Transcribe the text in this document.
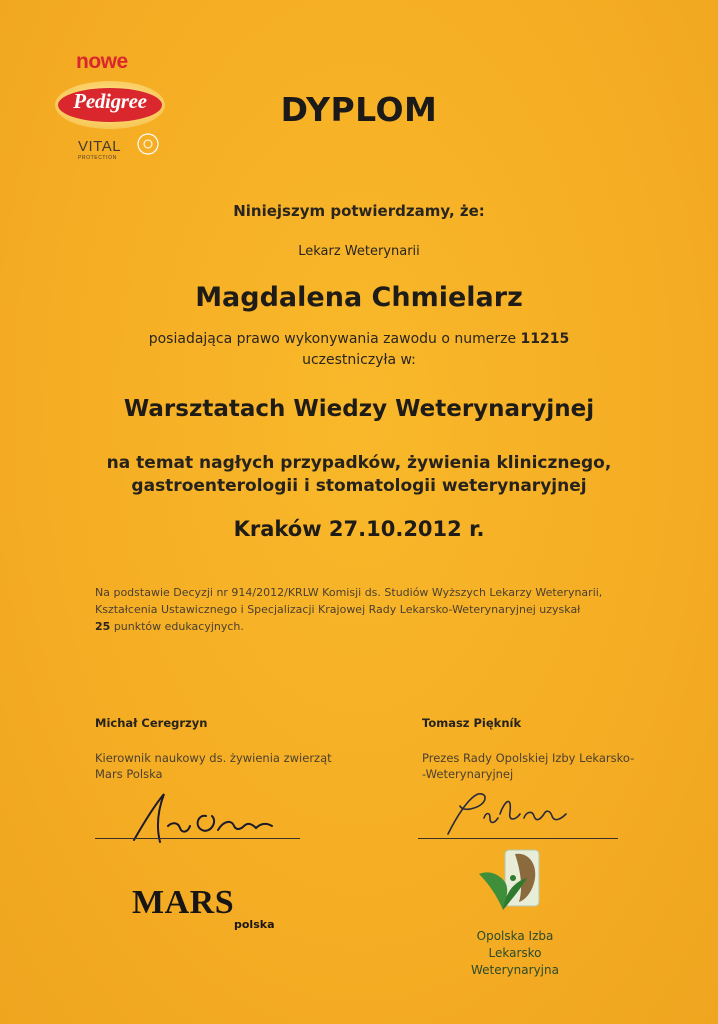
nowe
Pedigree
VITAL
PROTECTION
DYPLOM
Niniejszym potwierdzamy, że:
Lekarz Weterynarii
Magdalena Chmielarz
posiadająca prawo wykonywania zawodu o numerze 11215
uczestniczyła w:
Warsztatach Wiedzy Weterynaryjnej
na temat nagłych przypadków, żywienia klinicznego,
gastroenterologii i stomatologii weterynaryjnej
Kraków 27.10.2012 r.
Na podstawie Decyzji nr 914/2012/KRLW Komisji ds. Studiów Wyższych Lekarzy Weterynarii,
Kształcenia Ustawicznego i Specjalizacji Krajowej Rady Lekarsko-Weterynaryjnej uzyskał
25 punktów edukacyjnych.
Michał Ceregrzyn
Kierownik naukowy ds. żywienia zwierząt
Mars Polska
MARS
polska
Tomasz Piękník
Prezes Rady Opolskiej Izby Lekarsko-
-Weterynaryjnej
Opolska Izba
Lekarsko
Weterynaryjna
